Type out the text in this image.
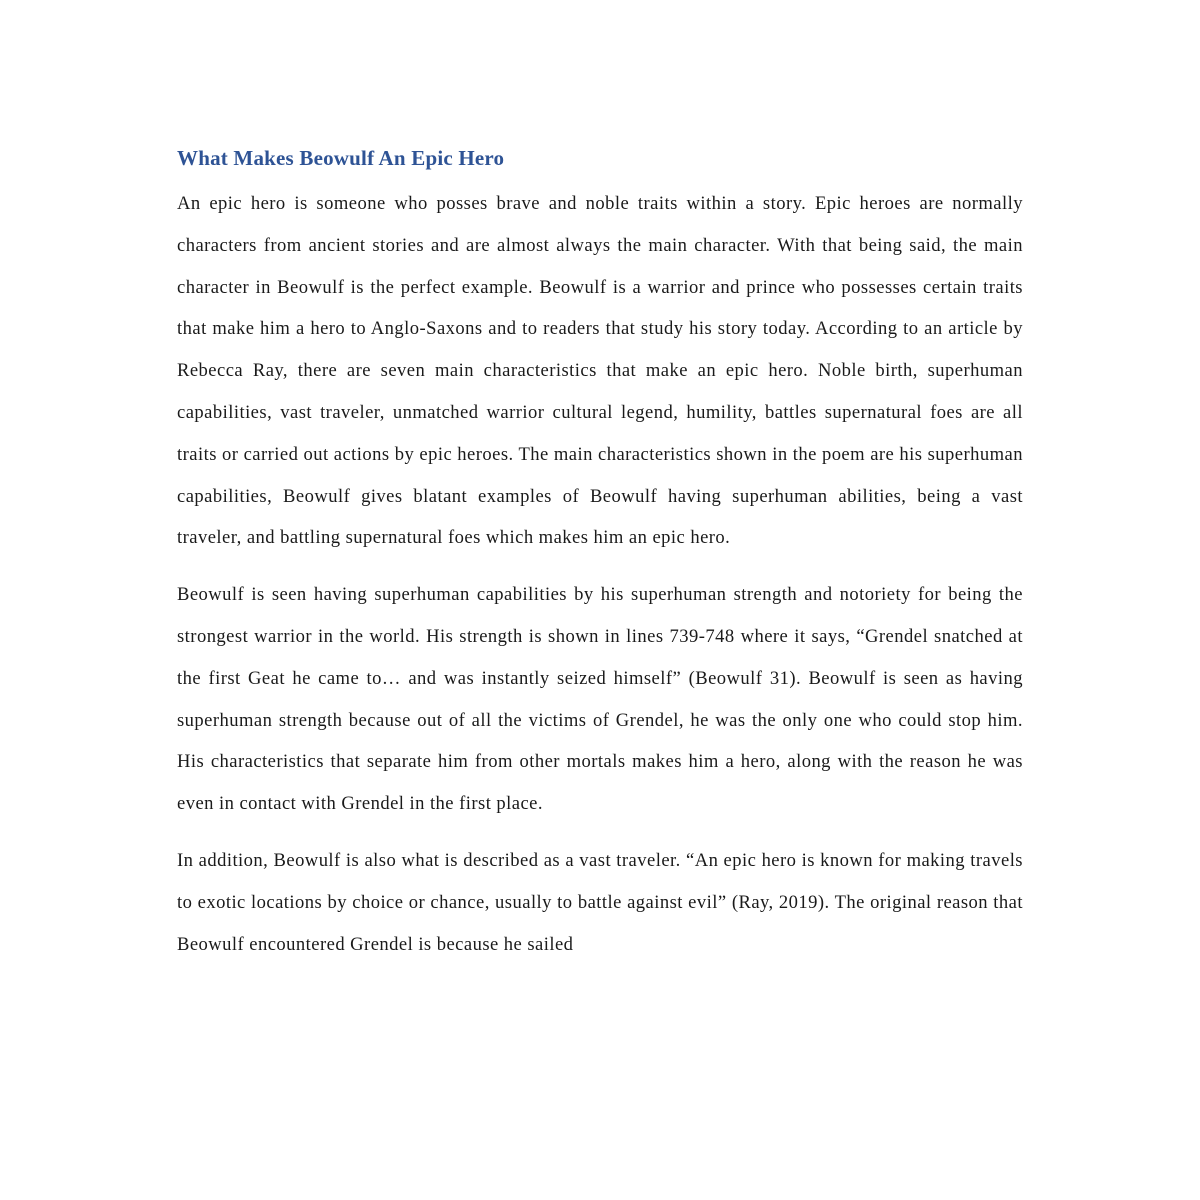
What Makes Beowulf An Epic Hero

An epic hero is someone who posses brave and noble traits within a story. Epic heroes are normally characters from ancient stories and are almost always the main character. With that being said, the main character in Beowulf is the perfect example. Beowulf is a warrior and prince who possesses certain traits that make him a hero to Anglo-Saxons and to readers that study his story today. According to an article by Rebecca Ray, there are seven main characteristics that make an epic hero. Noble birth, superhuman capabilities, vast traveler, unmatched warrior cultural legend, humility, battles supernatural foes are all traits or carried out actions by epic heroes. The main characteristics shown in the poem are his superhuman capabilities, Beowulf gives blatant examples of Beowulf having superhuman abilities, being a vast traveler, and battling supernatural foes which makes him an epic hero.

Beowulf is seen having superhuman capabilities by his superhuman strength and notoriety for being the strongest warrior in the world. His strength is shown in lines 739-748 where it says, “Grendel snatched at the first Geat he came to… and was instantly seized himself” (Beowulf 31). Beowulf is seen as having superhuman strength because out of all the victims of Grendel, he was the only one who could stop him. His characteristics that separate him from other mortals makes him a hero, along with the reason he was even in contact with Grendel in the first place.

In addition, Beowulf is also what is described as a vast traveler. “An epic hero is known for making travels to exotic locations by choice or chance, usually to battle against evil” (Ray, 2019). The original reason that Beowulf encountered Grendel is because he sailed
